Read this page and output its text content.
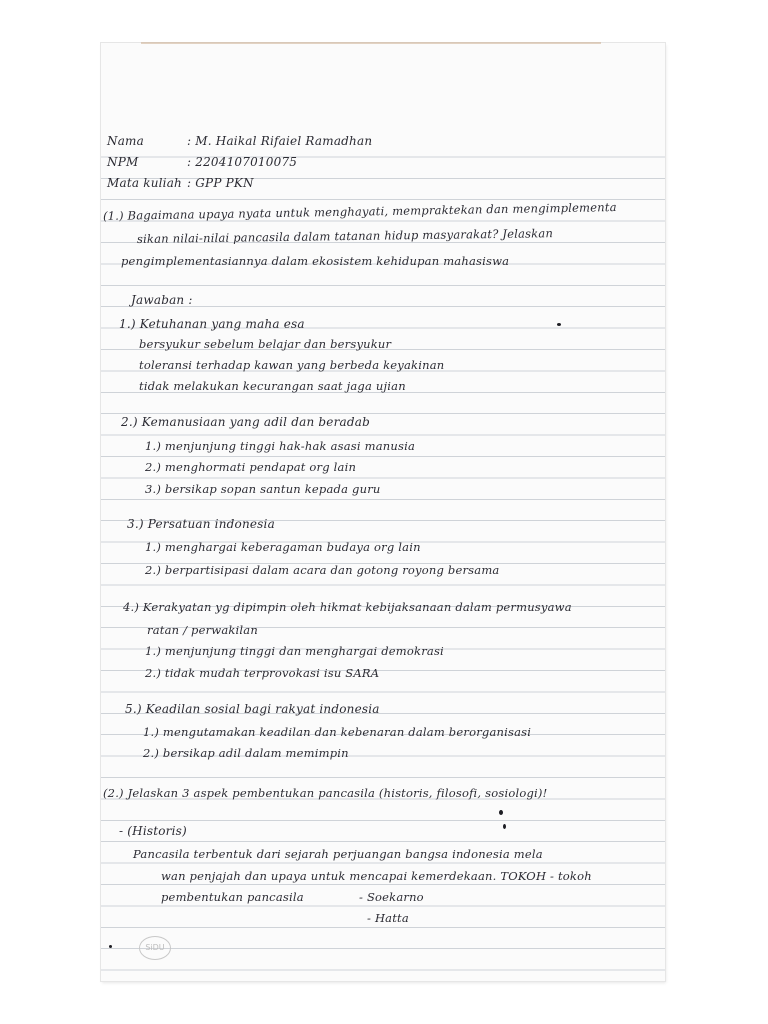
Nama	: M. Haikal Rifaiel Ramadhan
NPM	: 2204107010075
Mata kuliah : GPP PKN
(1.) Bagaimana upaya nyata untuk menghayati, mempraktekan dan mengimplementa
sikan nilai-nilai pancasila dalam tatanan hidup masyarakat? Jelaskan
pengimplementasiannya dalam ekosistem kehidupan mahasiswa
Jawaban :
1.) Ketuhanan yang maha esa
bersyukur sebelum belajar dan bersyukur
toleransi terhadap kawan yang berbeda keyakinan
tidak melakukan kecurangan saat jaga ujian
2.) Kemanusiaan yang adil dan beradab
1.) menjunjung tinggi hak-hak asasi manusia
2.) menghormati pendapat org lain
3.) bersikap sopan santun kepada guru
3.) Persatuan indonesia
1.) menghargai keberagaman budaya org lain
2.) berpartisipasi dalam acara dan gotong royong bersama
4.) Kerakyatan yg dipimpin oleh hikmat kebijaksanaan dalam permusyawa
ratan / perwakilan
1.) menjunjung tinggi dan menghargai demokrasi
2.) tidak mudah terprovokasi isu SARA
5.) Keadilan sosial bagi rakyat indonesia
1.) mengutamakan keadilan dan kebenaran dalam berorganisasi
2.) bersikap adil dalam memimpin
(2.) Jelaskan 3 aspek pembentukan pancasila (historis, filosofi, sosiologi)!
- (Historis)
Pancasila terbentuk dari sejarah perjuangan bangsa indonesia mela
wan penjajah dan upaya untuk mencapai kemerdekaan. TOKOH - tokoh
pembentukan pancasila	- Soekarno
- Hatta
SiDU
